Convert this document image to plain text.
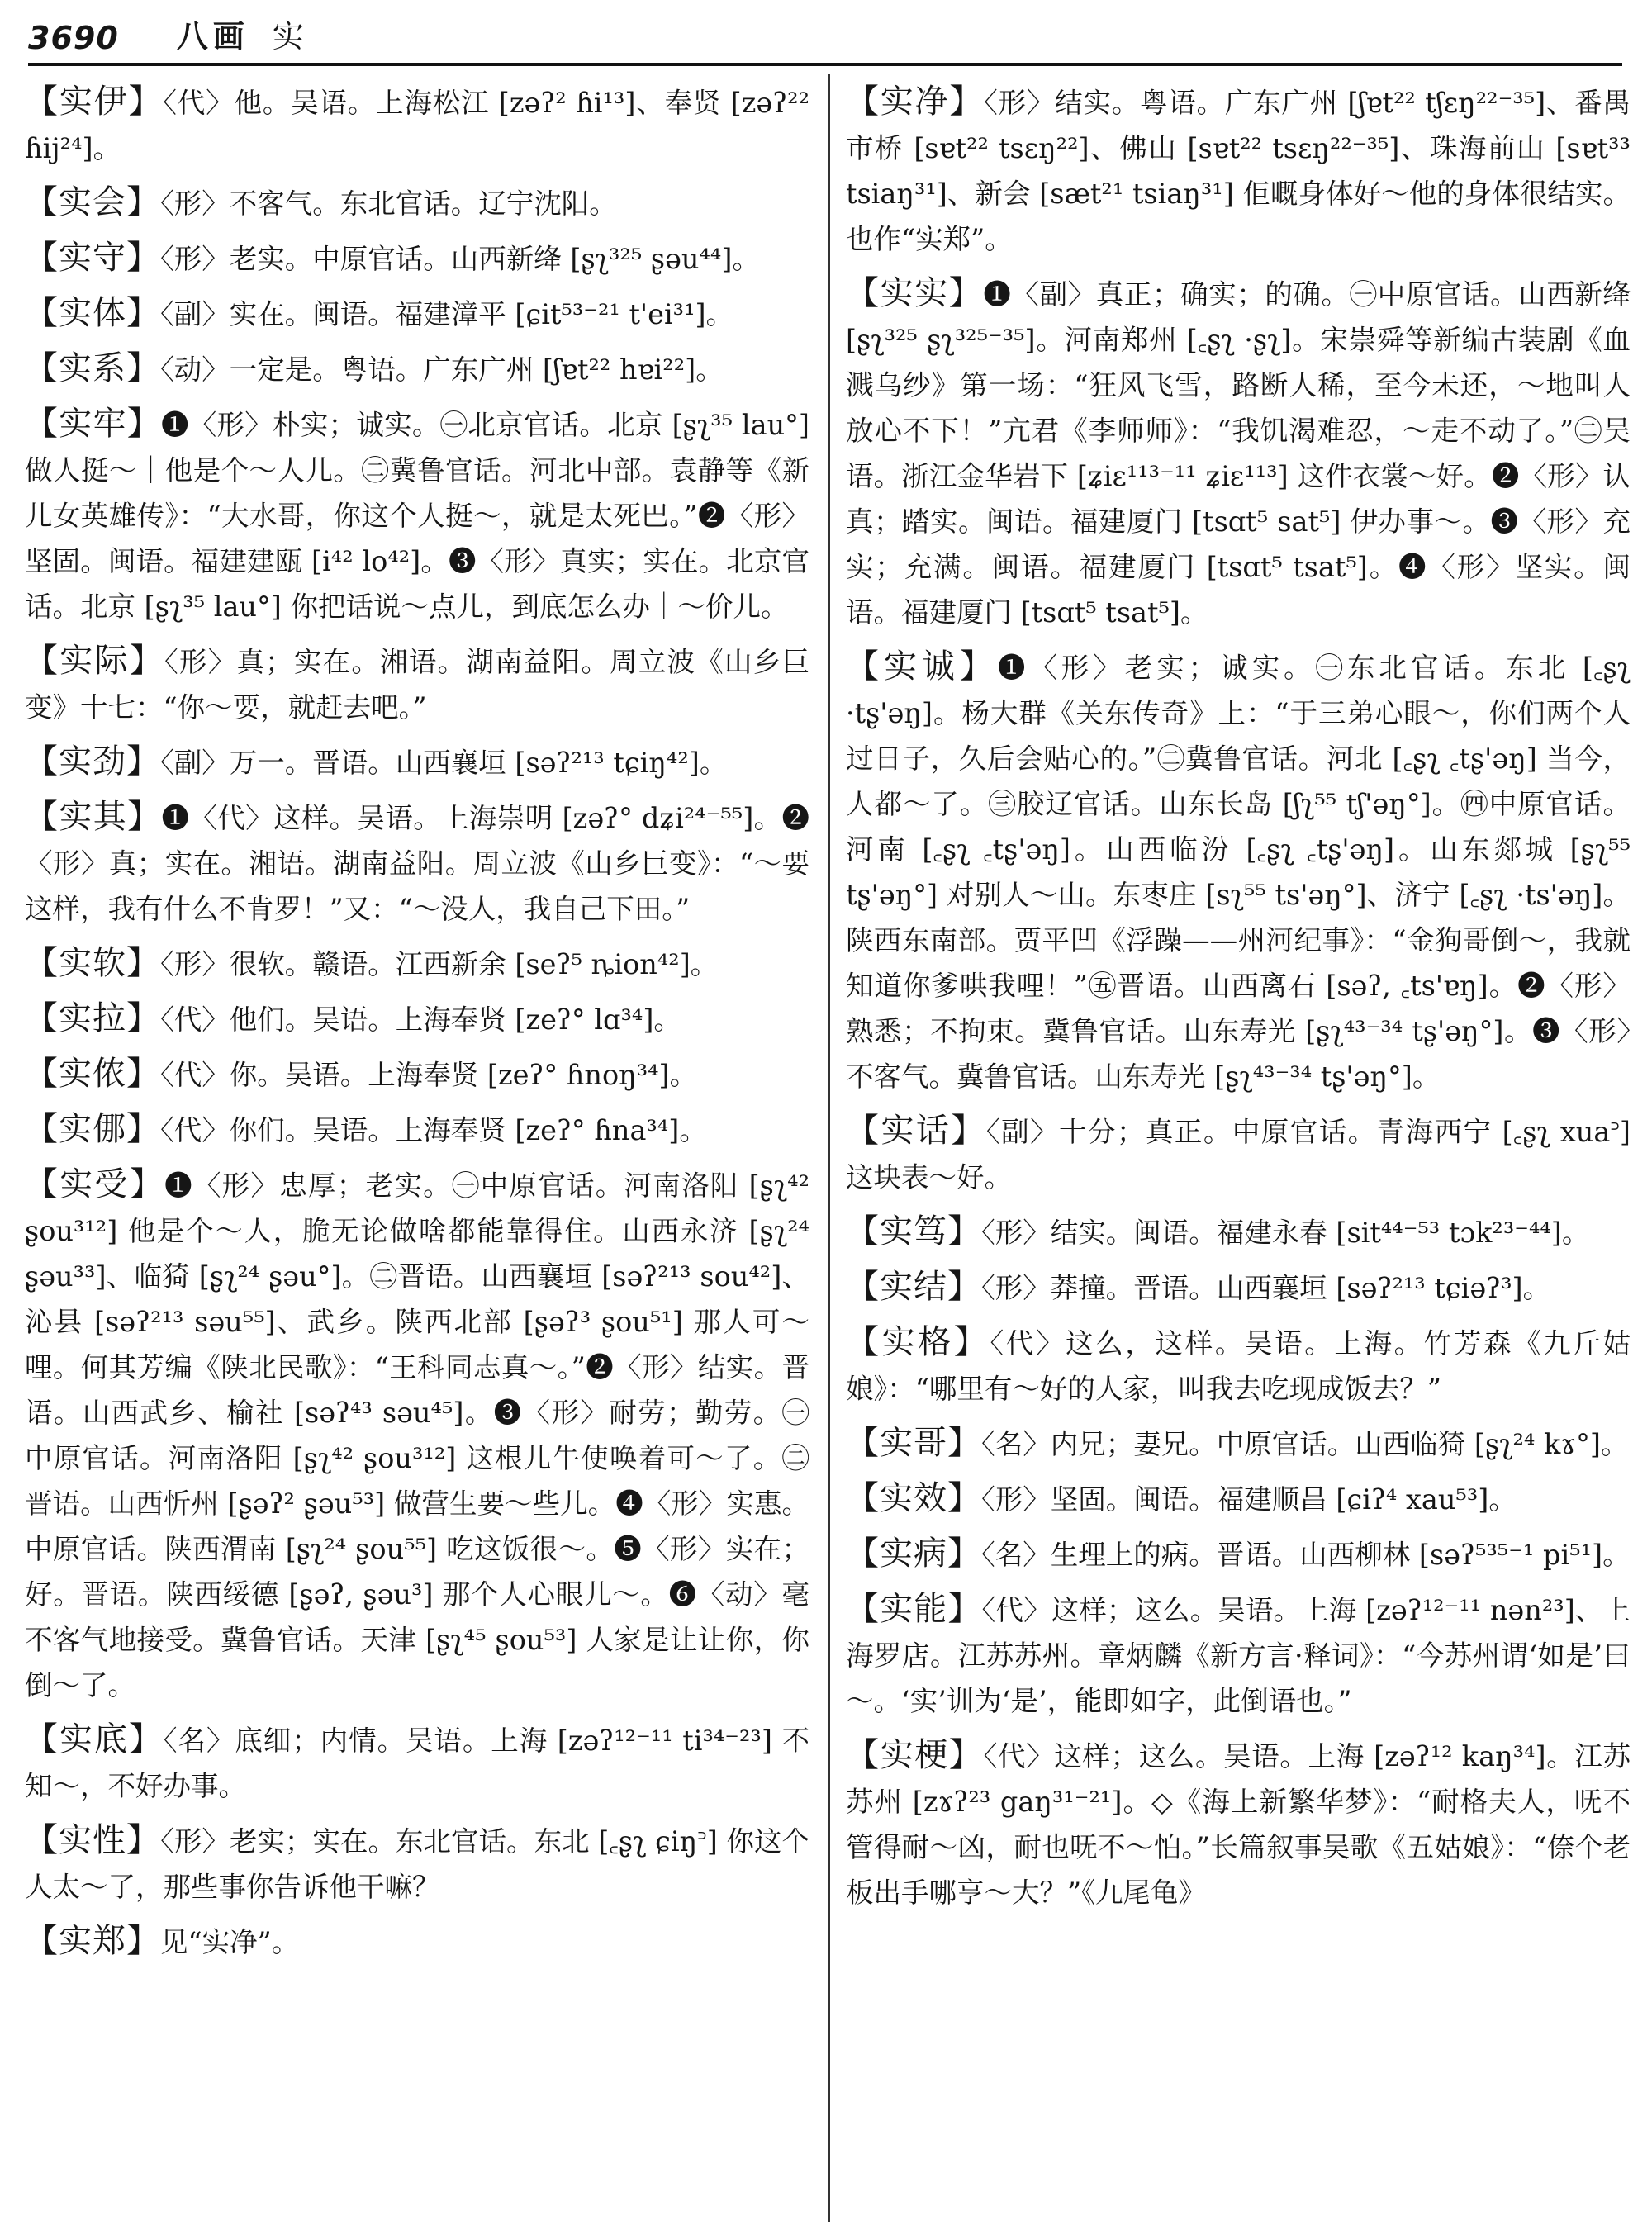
3690 八画 实
【实伊】〈代〉他。吴语。上海松江 [zəʔ² ɦi¹³]、奉贤 [zəʔ²² ɦij²⁴]。
【实会】〈形〉不客气。东北官话。辽宁沈阳。
【实守】〈形〉老实。中原官话。山西新绛 [ʂʅ³²⁵ ʂəu⁴⁴]。
【实体】〈副〉实在。闽语。福建漳平 [ɕit⁵³⁻²¹ t'ei³¹]。
【实系】〈动〉一定是。粤语。广东广州 [ʃɐt²² hɐi²²]。
【实牢】❶〈形〉朴实；诚实。㊀北京官话。北京 [ʂʅ³⁵ lau°] 做人挺～｜他是个～人儿。㊁冀鲁官话。河北中部。袁静等《新儿女英雄传》：“大水哥，你这个人挺～，就是太死巴。”❷〈形〉坚固。闽语。福建建瓯 [i⁴² lo⁴²]。❸〈形〉真实；实在。北京官话。北京 [ʂʅ³⁵ lau°] 你把话说～点儿，到底怎么办｜～价儿。
【实际】〈形〉真；实在。湘语。湖南益阳。周立波《山乡巨变》十七：“你～要，就赶去吧。”
【实劲】〈副〉万一。晋语。山西襄垣 [səʔ²¹³ tɕiŋ⁴²]。
【实其】❶〈代〉这样。吴语。上海崇明 [zəʔ° dʑi²⁴⁻⁵⁵]。❷〈形〉真；实在。湘语。湖南益阳。周立波《山乡巨变》：“～要这样，我有什么不肯罗！”又：“～没人，我自己下田。”
【实软】〈形〉很软。赣语。江西新余 [seʔ⁵ ȵion⁴²]。
【实拉】〈代〉他们。吴语。上海奉贤 [zeʔ° lɑ³⁴]。
【实侬】〈代〉你。吴语。上海奉贤 [zeʔ° ɦnoŋ³⁴]。
【实㑚】〈代〉你们。吴语。上海奉贤 [zeʔ° ɦna³⁴]。
【实受】❶〈形〉忠厚；老实。㊀中原官话。河南洛阳 [ʂʅ⁴² ʂou³¹²] 他是个～人，脆无论做啥都能靠得住。山西永济 [ʂʅ²⁴ ʂəu³³]、临猗 [ʂʅ²⁴ ʂəu°]。㊁晋语。山西襄垣 [səʔ²¹³ sou⁴²]、沁县 [səʔ²¹³ səu⁵⁵]、武乡。陕西北部 [ʂəʔ³ ʂou⁵¹] 那人可～哩。何其芳编《陕北民歌》：“王科同志真～。”❷〈形〉结实。晋语。山西武乡、榆社 [səʔ⁴³ səu⁴⁵]。❸〈形〉耐劳；勤劳。㊀中原官话。河南洛阳 [ʂʅ⁴² ʂou³¹²] 这根儿牛使唤着可～了。㊁晋语。山西忻州 [ʂəʔ² ʂəu⁵³] 做营生要～些儿。❹〈形〉实惠。中原官话。陕西渭南 [ʂʅ²⁴ ʂou⁵⁵] 吃这饭很～。❺〈形〉实在；好。晋语。陕西绥德 [ʂəʔ, ʂəu³] 那个人心眼儿～。❻〈动〉毫不客气地接受。冀鲁官话。天津 [ʂʅ⁴⁵ ʂou⁵³] 人家是让让你，你倒～了。
【实底】〈名〉底细；内情。吴语。上海 [zəʔ¹²⁻¹¹ ti³⁴⁻²³] 不知～，不好办事。
【实性】〈形〉老实；实在。东北官话。东北 [꜀ʂʅ ɕiŋ꜄] 你这个人太～了，那些事你告诉他干嘛？
【实郑】见“实净”。
【实净】〈形〉结实。粤语。广东广州 [ʃɐt²² tʃɛŋ²²⁻³⁵]、番禺市桥 [sɐt²² tsɛŋ²²]、佛山 [sɐt²² tsɛŋ²²⁻³⁵]、珠海前山 [sɐt³³ tsiaŋ³¹]、新会 [sæt²¹ tsiaŋ³¹] 佢嘅身体好～他的身体很结实。也作“实郑”。
【实实】❶〈副〉真正；确实；的确。㊀中原官话。山西新绛 [ʂʅ³²⁵ ʂʅ³²⁵⁻³⁵]。河南郑州 [꜀ʂʅ ·ʂʅ]。宋崇舜等新编古装剧《血溅乌纱》第一场：“狂风飞雪，路断人稀，至今未还，～地叫人放心不下！”亢君《李师师》：“我饥渴难忍，～走不动了。”㊁吴语。浙江金华岩下 [ʑiɛ¹¹³⁻¹¹ ʑiɛ¹¹³] 这件衣裳～好。❷〈形〉认真；踏实。闽语。福建厦门 [tsɑt⁵ sat⁵] 伊办事～。❸〈形〉充实；充满。闽语。福建厦门 [tsɑt⁵ tsat⁵]。❹〈形〉坚实。闽语。福建厦门 [tsɑt⁵ tsat⁵]。
【实诚】❶〈形〉老实；诚实。㊀东北官话。东北 [꜀ʂʅ ·tʂ'əŋ]。杨大群《关东传奇》上：“于三弟心眼～，你们两个人过日子，久后会贴心的。”㊁冀鲁官话。河北 [꜀ʂʅ ꜀tʂ'əŋ] 当今，人都～了。㊂胶辽官话。山东长岛 [ʃʅ⁵⁵ tʃ'əŋ°]。㊃中原官话。河南 [꜀ʂʅ ꜀tʂ'əŋ]。山西临汾 [꜀ʂʅ ꜀tʂ'əŋ]。山东郯城 [ʂʅ⁵⁵ tʂ'əŋ°] 对别人～山。东枣庄 [sʅ⁵⁵ ts'əŋ°]、济宁 [꜀ʂʅ ·ts'əŋ]。陕西东南部。贾平凹《浮躁——州河纪事》：“金狗哥倒～，我就知道你爹哄我哩！”㊄晋语。山西离石 [səʔ, ꜀ts'ɐŋ]。❷〈形〉熟悉；不拘束。冀鲁官话。山东寿光 [ʂʅ⁴³⁻³⁴ tʂ'əŋ°]。❸〈形〉不客气。冀鲁官话。山东寿光 [ʂʅ⁴³⁻³⁴ tʂ'əŋ°]。
【实话】〈副〉十分；真正。中原官话。青海西宁 [꜀ʂʅ xua꜄] 这块表～好。
【实笃】〈形〉结实。闽语。福建永春 [sit⁴⁴⁻⁵³ tɔk²³⁻⁴⁴]。
【实结】〈形〉莽撞。晋语。山西襄垣 [səʔ²¹³ tɕiəʔ³]。
【实格】〈代〉这么，这样。吴语。上海。竹芳森《九斤姑娘》：“哪里有～好的人家，叫我去吃现成饭去？”
【实哥】〈名〉内兄；妻兄。中原官话。山西临猗 [ʂʅ²⁴ kɤ°]。
【实效】〈形〉坚固。闽语。福建顺昌 [ɕiʔ⁴ xau⁵³]。
【实病】〈名〉生理上的病。晋语。山西柳林 [səʔ⁵³⁵⁻¹ pi⁵¹]。
【实能】〈代〉这样；这么。吴语。上海 [zəʔ¹²⁻¹¹ nən²³]、上海罗店。江苏苏州。章炳麟《新方言·释词》：“今苏州谓‘如是’曰～。‘实’训为‘是’，能即如字，此倒语也。”
【实梗】〈代〉这样；这么。吴语。上海 [zəʔ¹² kaŋ³⁴]。江苏苏州 [zɤʔ²³ gaŋ³¹⁻²¹]。◇《海上新繁华梦》：“耐格夫人，呒不管得耐～凶，耐也呒不～怕。”长篇叙事吴歌《五姑娘》：“倷个老板出手哪亨～大？”《九尾龟》
